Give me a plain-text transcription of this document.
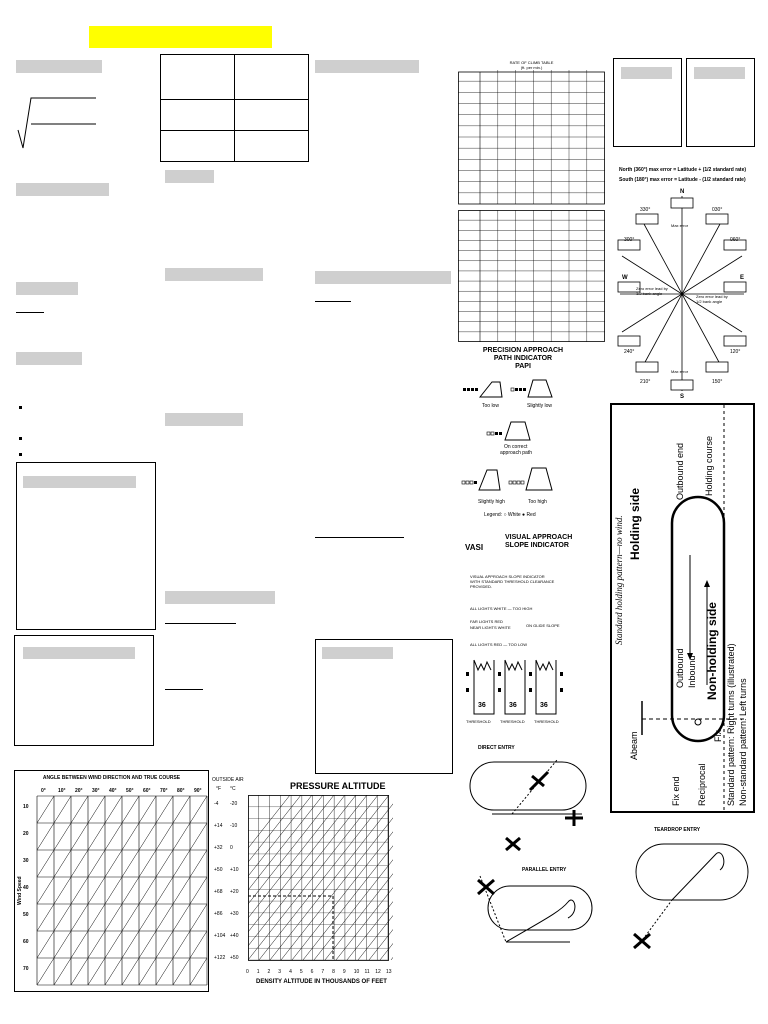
RATE OF CLIMB TABLE
(ft. per min.)
PRECISION APPROACH
PATH INDICATOR
PAPI
Too low	Slightly low
On correct
approach path
Slightly high	Too high
Legend: ○ White ● Red
VASI
VISUAL APPROACH
SLOPE INDICATOR
VISUAL APPROACH SLOPE INDICATOR
WITH STANDARD THRESHOLD CLEARANCE
PROVIDED.
ALL LIGHTS WHITE — TOO HIGH
FAR LIGHTS RED
NEAR LIGHTS WHITE	ON GLIDE SLOPE
ALL LIGHTS RED — TOO LOW
36	36	36
THRESHOLD THRESHOLD THRESHOLD
DIRECT ENTRY
PARALLEL ENTRY
TEARDROP ENTRY
North (360°) max error = Latitude + (1/2 standard rate)
South (180°) max error = Latitude - (1/2 standard rate)
N
S
W	E
330°	030°
300°	060°
240°	120°
210°	150°
Max error
Max error
Zero error lead by
1/2 bank angle
Zero error lead by
1/2 bank angle
Standard holding pattern—no wind. Holding side
Non-holding side
Outbound end Holding course
Outbound Inbound
Abeam
Fix end Reciprocal
Fix Standard pattern: Right turns (illustrated) Non-standard pattern: Left turns
ANGLE BETWEEN WIND DIRECTION AND TRUE COURSE
0° 10° 20° 30° 40° 50° 60° 70° 80° 90°
10
20
30
40
50
60
70
Wind Speed
PRESSURE ALTITUDE
OUTSIDE AIR
°F °C
-4 -20
+14 -10
+32 0
+50 +10
+68 +20
+86 +30
+104 +40
+122 +50
0 1 2 3 4 5 6 7 8 9 10 11 12 13
DENSITY ALTITUDE IN THOUSANDS OF FEET
